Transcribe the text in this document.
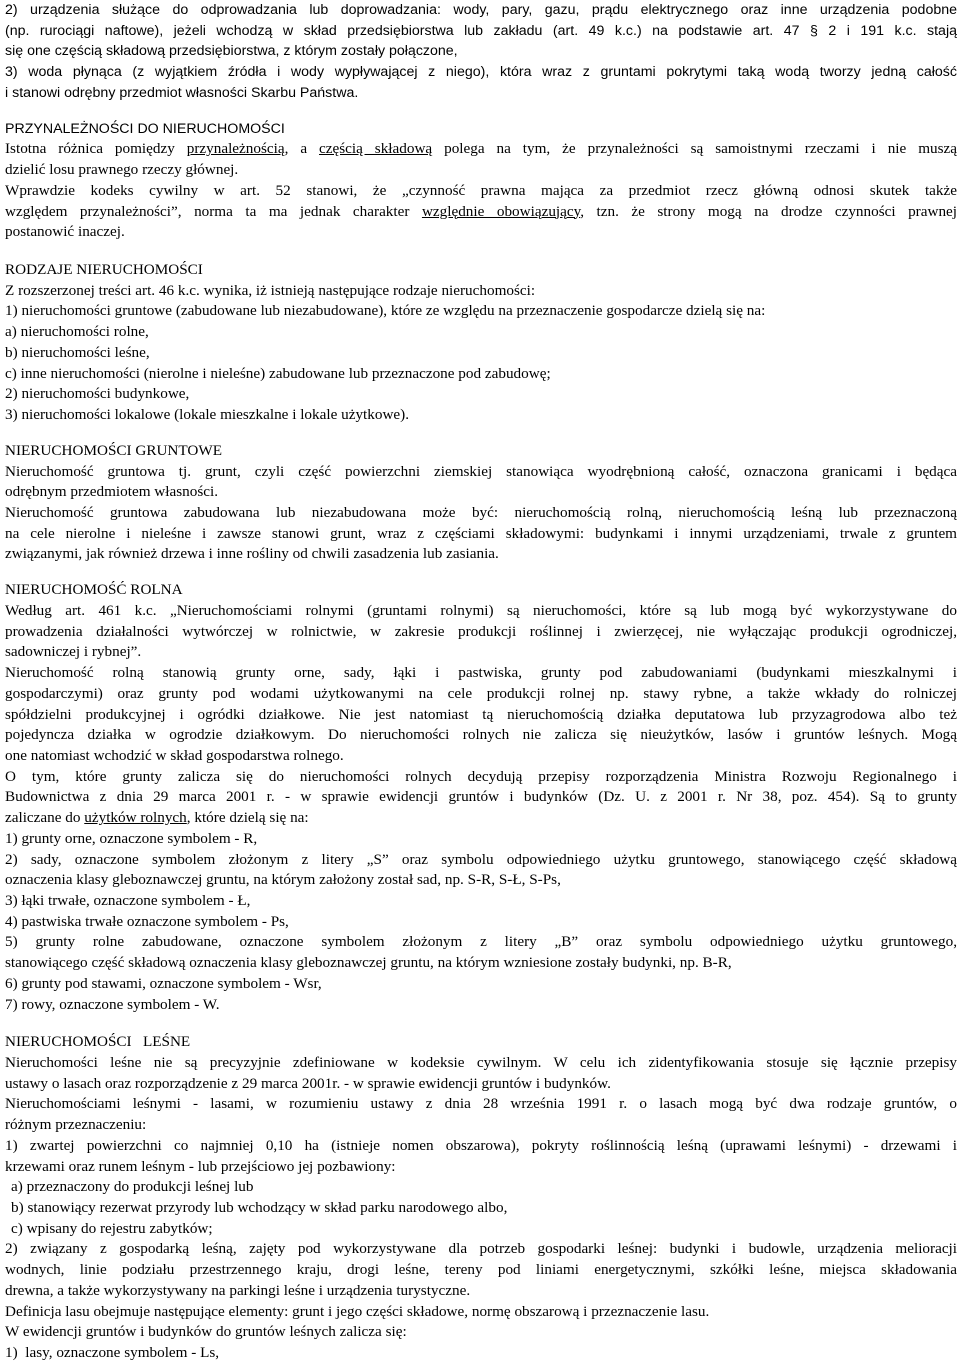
2) urządzenia służące do odprowadzania lub doprowadzania: wody, pary, gazu, prądu elektrycznego oraz inne urządzenia podobne
(np. rurociągi naftowe), jeżeli wchodzą w skład przedsiębiorstwa lub zakładu (art. 49 k.c.) na podstawie art. 47 § 2 i 191 k.c. stają
się one częścią składową przedsiębiorstwa, z którym zostały połączone,
3) woda płynąca (z wyjątkiem źródła i wody wypływającej z niego), która wraz z gruntami pokrytymi taką wodą tworzy jedną całość
i stanowi odrębny przedmiot własności Skarbu Państwa.
PRZYNALEŻNOŚCI DO NIERUCHOMOŚCI
Istotna różnica pomiędzy przynależnością, a częścią składową polega na tym, że przynależności są samoistnymi rzeczami i nie muszą
dzielić losu prawnego rzeczy głównej.
Wprawdzie kodeks cywilny w art. 52 stanowi, że „czynność prawna mająca za przedmiot rzecz główną odnosi skutek także
względem przynależności”, norma ta ma jednak charakter względnie obowiązujący, tzn. że strony mogą na drodze czynności prawnej
postanowić inaczej.
RODZAJE NIERUCHOMOŚCI
Z rozszerzonej treści art. 46 k.c. wynika, iż istnieją następujące rodzaje nieruchomości:
1) nieruchomości gruntowe (zabudowane lub niezabudowane), które ze względu na przeznaczenie gospodarcze dzielą się na:
a) nieruchomości rolne,
b) nieruchomości leśne,
c) inne nieruchomości (nierolne i nieleśne) zabudowane lub przeznaczone pod zabudowę;
2) nieruchomości budynkowe,
3) nieruchomości lokalowe (lokale mieszkalne i lokale użytkowe).
NIERUCHOMOŚCI GRUNTOWE
Nieruchomość gruntowa tj. grunt, czyli część powierzchni ziemskiej stanowiąca wyodrębnioną całość, oznaczona granicami i będąca
odrębnym przedmiotem własności.
Nieruchomość gruntowa zabudowana lub niezabudowana może być: nieruchomością rolną, nieruchomością leśną lub przeznaczoną
na cele nierolne i nieleśne i zawsze stanowi grunt, wraz z częściami składowymi: budynkami i innymi urządzeniami, trwale z gruntem
związanymi, jak również drzewa i inne rośliny od chwili zasadzenia lub zasiania.
NIERUCHOMOŚĆ ROLNA
Według art. 461 k.c. „Nieruchomościami rolnymi (gruntami rolnymi) są nieruchomości, które są lub mogą być wykorzystywane do
prowadzenia działalności wytwórczej w rolnictwie, w zakresie produkcji roślinnej i zwierzęcej, nie wyłączając produkcji ogrodniczej,
sadowniczej i rybnej”.
Nieruchomość rolną stanowią grunty orne, sady, łąki i pastwiska, grunty pod zabudowaniami (budynkami mieszkalnymi i
gospodarczymi) oraz grunty pod wodami użytkowanymi na cele produkcji rolnej np. stawy rybne, a także wkłady do rolniczej
spółdzielni produkcyjnej i ogródki działkowe. Nie jest natomiast tą nieruchomością działka deputatowa lub przyzagrodowa albo też
pojedyncza działka w ogrodzie działkowym. Do nieruchomości rolnych nie zalicza się nieużytków, lasów i gruntów leśnych. Mogą
one natomiast wchodzić w skład gospodarstwa rolnego.
O tym, które grunty zalicza się do nieruchomości rolnych decydują przepisy rozporządzenia Ministra Rozwoju Regionalnego i
Budownictwa z dnia 29 marca 2001 r. - w sprawie ewidencji gruntów i budynków (Dz. U. z 2001 r. Nr 38, poz. 454). Są to grunty
zaliczane do użytków rolnych, które dzielą się na:
1) grunty orne, oznaczone symbolem - R,
2) sady, oznaczone symbolem złożonym z litery „S” oraz symbolu odpowiedniego użytku gruntowego, stanowiącego część składową
oznaczenia klasy gleboznawczej gruntu, na którym założony został sad, np. S-R, S-Ł, S-Ps,
3) łąki trwałe, oznaczone symbolem - Ł,
4) pastwiska trwałe oznaczone symbolem - Ps,
5) grunty rolne zabudowane, oznaczone symbolem złożonym z litery „B” oraz symbolu odpowiedniego użytku gruntowego,
stanowiącego część składową oznaczenia klasy gleboznawczej gruntu, na którym wzniesione zostały budynki, np. B-R,
6) grunty pod stawami, oznaczone symbolem - Wsr,
7) rowy, oznaczone symbolem - W.
NIERUCHOMOŚCI   LEŚNE
Nieruchomości leśne nie są precyzyjnie zdefiniowane w kodeksie cywilnym. W celu ich zidentyfikowania stosuje się łącznie przepisy
ustawy o lasach oraz rozporządzenie z 29 marca 2001r. - w sprawie ewidencji gruntów i budynków.
Nieruchomościami leśnymi - lasami, w rozumieniu ustawy z dnia 28 września 1991 r. o lasach mogą być dwa rodzaje gruntów, o
różnym przeznaczeniu:
1) zwartej powierzchni co najmniej 0,10 ha (istnieje nomen obszarowa), pokryty roślinnością leśną (uprawami leśnymi) - drzewami i
krzewami oraz runem leśnym - lub przejściowo jej pozbawiony:
a) przeznaczony do produkcji leśnej lub
b) stanowiący rezerwat przyrody lub wchodzący w skład parku narodowego albo,
c) wpisany do rejestru zabytków;
2) związany z gospodarką leśną, zajęty pod wykorzystywane dla potrzeb gospodarki leśnej: budynki i budowle, urządzenia melioracji
wodnych, linie podziału przestrzennego kraju, drogi leśne, tereny pod liniami energetycznymi, szkółki leśne, miejsca składowania
drewna, a także wykorzystywany na parkingi leśne i urządzenia turystyczne.
Definicja lasu obejmuje następujące elementy: grunt i jego części składowe, normę obszarową i przeznaczenie lasu.
W ewidencji gruntów i budynków do gruntów leśnych zalicza się:
1)  lasy, oznaczone symbolem - Ls,
